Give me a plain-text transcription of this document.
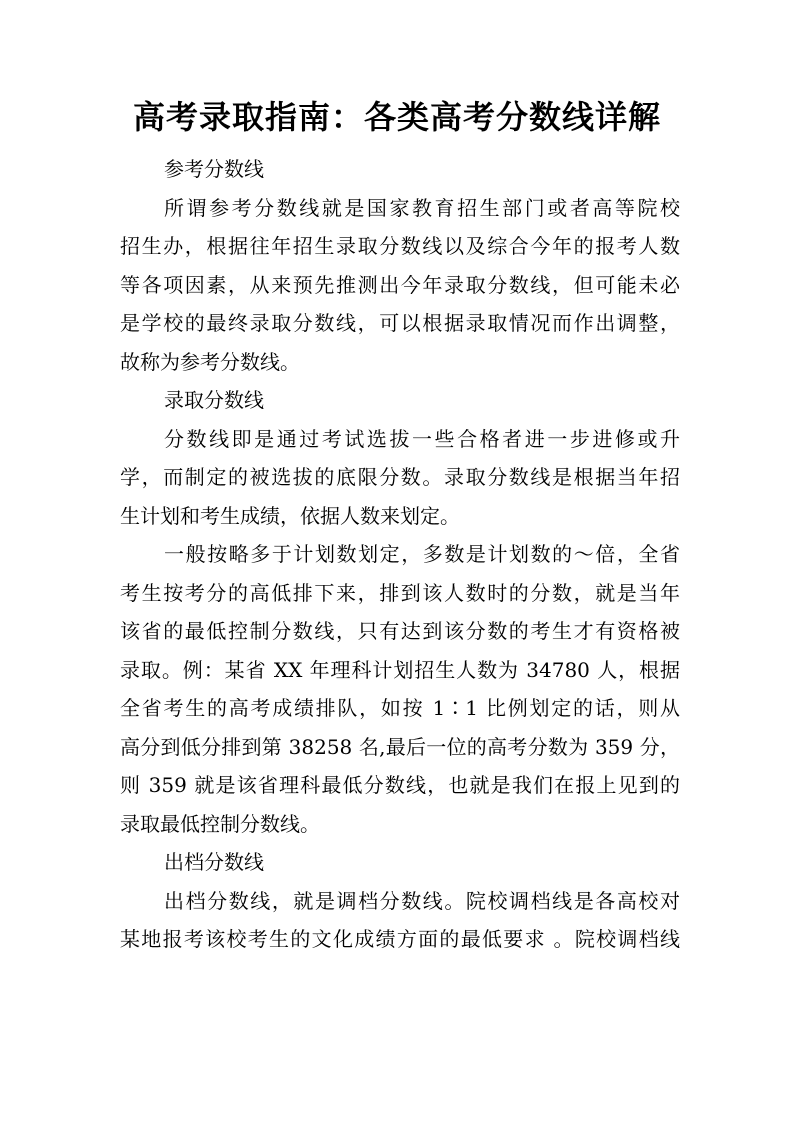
高考录取指南：各类高考分数线详解
参考分数线
所谓参考分数线就是国家教育招生部门或者高等院校
招生办，根据往年招生录取分数线以及综合今年的报考人数
等各项因素，从来预先推测出今年录取分数线，但可能未必
是学校的最终录取分数线，可以根据录取情况而作出调整，
故称为参考分数线。
录取分数线
分数线即是通过考试选拔一些合格者进一步进修或升
学，而制定的被选拔的底限分数。录取分数线是根据当年招
生计划和考生成绩，依据人数来划定。
一般按略多于计划数划定，多数是计划数的～倍，全省
考生按考分的高低排下来，排到该人数时的分数，就是当年
该省的最低控制分数线，只有达到该分数的考生才有资格被
录取。例：某省 XX 年理科计划招生人数为 34780 人，根据
全省考生的高考成绩排队，如按 1∶1 比例划定的话，则从
高分到低分排到第 38258 名,最后一位的高考分数为 359 分，
则 359 就是该省理科最低分数线，也就是我们在报上见到的
录取最低控制分数线。
出档分数线
出档分数线，就是调档分数线。院校调档线是各高校对
某地报考该校考生的文化成绩方面的最低要求 。院校调档线
